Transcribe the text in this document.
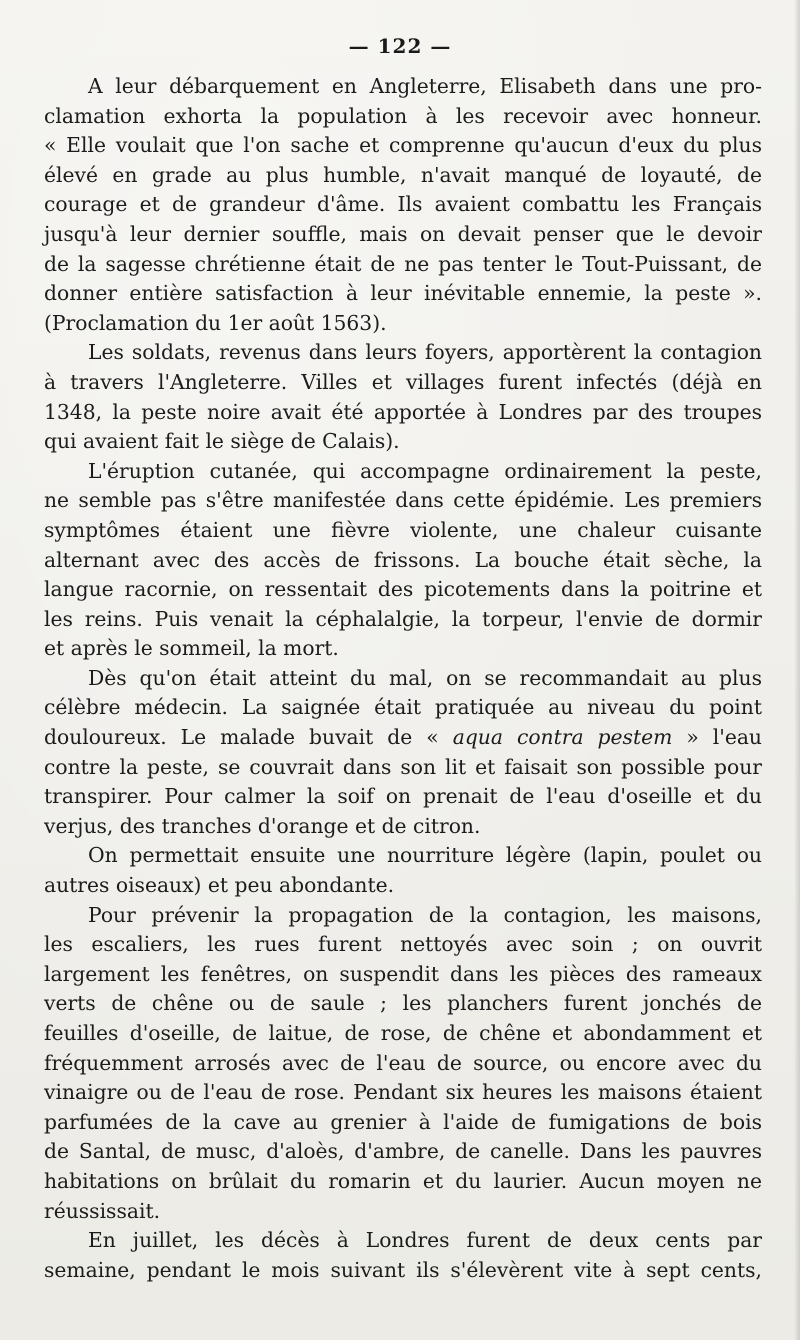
— 122 —
A leur débarquement en Angleterre, Elisabeth dans une pro-
clamation exhorta la population à les recevoir avec honneur.
« Elle voulait que l'on sache et comprenne qu'aucun d'eux du plus
élevé en grade au plus humble, n'avait manqué de loyauté, de
courage et de grandeur d'âme. Ils avaient combattu les Français
jusqu'à leur dernier souffle, mais on devait penser que le devoir
de la sagesse chrétienne était de ne pas tenter le Tout-Puissant, de
donner entière satisfaction à leur inévitable ennemie, la peste ».
(Proclamation du 1er août 1563).
Les soldats, revenus dans leurs foyers, apportèrent la contagion
à travers l'Angleterre. Villes et villages furent infectés (déjà en
1348, la peste noire avait été apportée à Londres par des troupes
qui avaient fait le siège de Calais).
L'éruption cutanée, qui accompagne ordinairement la peste,
ne semble pas s'être manifestée dans cette épidémie. Les premiers
symptômes étaient une fièvre violente, une chaleur cuisante
alternant avec des accès de frissons. La bouche était sèche, la
langue racornie, on ressentait des picotements dans la poitrine et
les reins. Puis venait la céphalalgie, la torpeur, l'envie de dormir
et après le sommeil, la mort.
Dès qu'on était atteint du mal, on se recommandait au plus
célèbre médecin. La saignée était pratiquée au niveau du point
douloureux. Le malade buvait de « aqua contra pestem » l'eau
contre la peste, se couvrait dans son lit et faisait son possible pour
transpirer. Pour calmer la soif on prenait de l'eau d'oseille et du
verjus, des tranches d'orange et de citron.
On permettait ensuite une nourriture légère (lapin, poulet ou
autres oiseaux) et peu abondante.
Pour prévenir la propagation de la contagion, les maisons,
les escaliers, les rues furent nettoyés avec soin ; on ouvrit
largement les fenêtres, on suspendit dans les pièces des rameaux
verts de chêne ou de saule ; les planchers furent jonchés de
feuilles d'oseille, de laitue, de rose, de chêne et abondamment et
fréquemment arrosés avec de l'eau de source, ou encore avec du
vinaigre ou de l'eau de rose. Pendant six heures les maisons étaient
parfumées de la cave au grenier à l'aide de fumigations de bois
de Santal, de musc, d'aloès, d'ambre, de canelle. Dans les pauvres
habitations on brûlait du romarin et du laurier. Aucun moyen ne
réussissait.
En juillet, les décès à Londres furent de deux cents par
semaine, pendant le mois suivant ils s'élevèrent vite à sept cents,
